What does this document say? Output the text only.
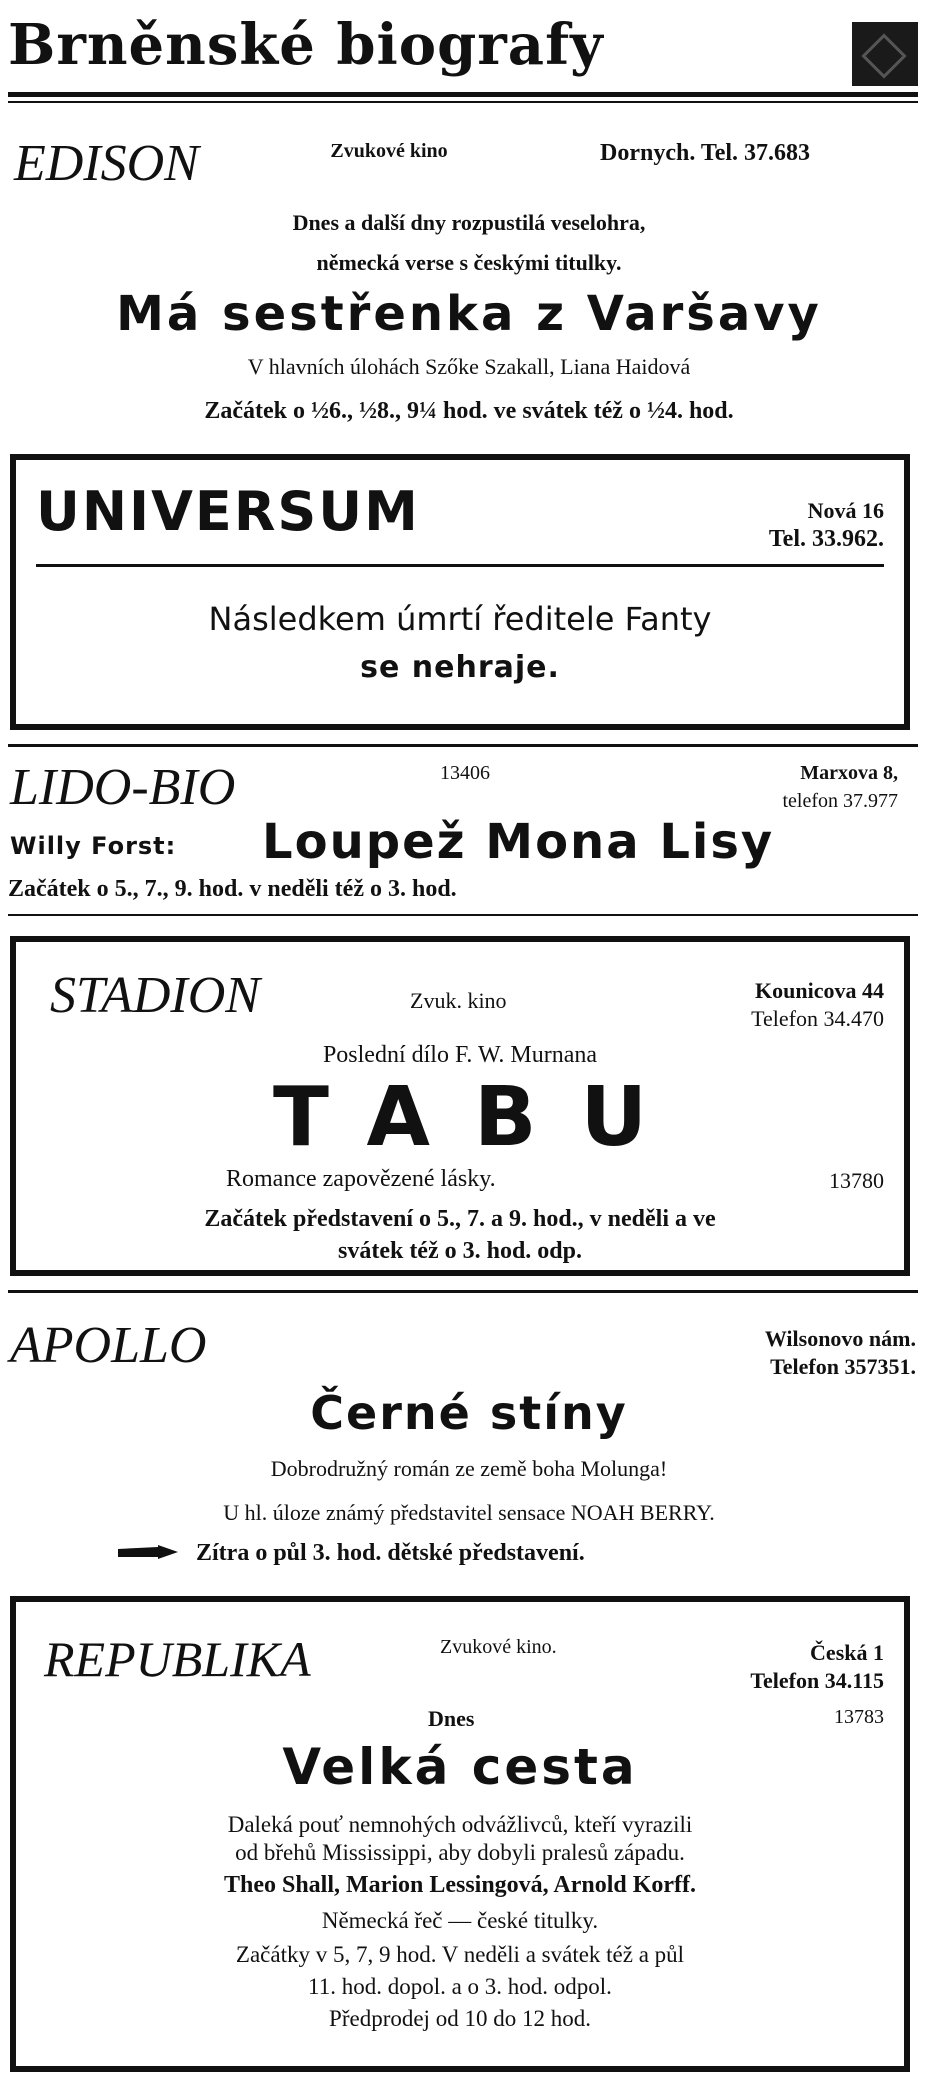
Brněnské biografy
EDISON	Zvukové kino	Dornych. Tel. 37.683
Dnes a další dny rozpustilá veselohra,
německá verse s českými titulky.
Má sestřenka z Varšavy
V hlavních úlohách Szőke Szakall, Liana Haidová
Začátek o ½6., ½8., 9¼ hod. ve svátek též o ½4. hod.
UNIVERSUM	Nová 16
Tel. 33.962.
Následkem úmrtí ředitele Fanty
se nehraje.
LIDO-BIO	13406	Marxova 8,
telefon 37.977
Willy Forst: Loupež Mona Lisy
Začátek o 5., 7., 9. hod. v neděli též o 3. hod.
STADION	Zvuk. kino	Kounicova 44
Telefon 34.470
Poslední dílo F. W. Murnana
TABU
Romance zapovězené lásky.	13780
Začátek představení o 5., 7. a 9. hod., v neděli a ve
svátek též o 3. hod. odp.
APOLLO	Wilsonovo nám.
Telefon 357351.
Černé stíny
Dobrodružný román ze země boha Molunga!
U hl. úloze známý představitel sensace NOAH BERRY.
Zítra o půl 3. hod. dětské představení.
REPUBLIKA	Zvukové kino.	Česká 1
Telefon 34.115
Dnes	13783
Velká cesta
Daleká pouť nemnohých odvážlivců, kteří vyrazili
od břehů Mississippi, aby dobyli pralesů západu.
Theo Shall, Marion Lessingová, Arnold Korff.
Německá řeč — české titulky.
Začátky v 5, 7, 9 hod. V neděli a svátek též a půl
11. hod. dopol. a o 3. hod. odpol.
Předprodej od 10 do 12 hod.
